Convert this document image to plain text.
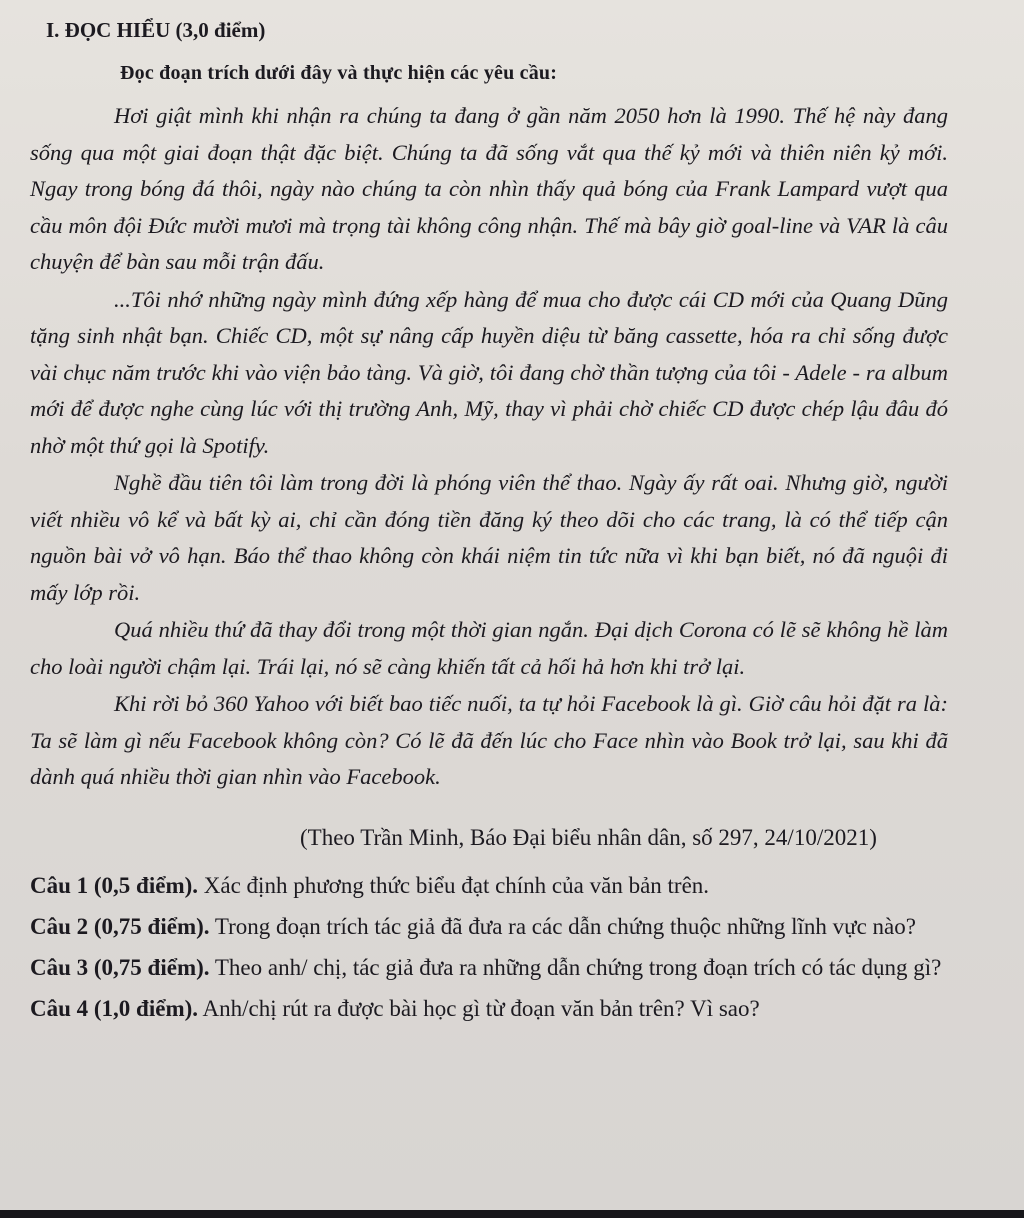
I. ĐỌC HIỂU (3,0 điểm)
Đọc đoạn trích dưới đây và thực hiện các yêu cầu:

Hơi giật mình khi nhận ra chúng ta đang ở gần năm 2050 hơn là 1990. Thế hệ này đang sống qua một giai đoạn thật đặc biệt. Chúng ta đã sống vắt qua thế kỷ mới và thiên niên kỷ mới. Ngay trong bóng đá thôi, ngày nào chúng ta còn nhìn thấy quả bóng của Frank Lampard vượt qua cầu môn đội Đức mười mươi mà trọng tài không công nhận. Thế mà bây giờ goal-line và VAR là câu chuyện để bàn sau mỗi trận đấu.

...Tôi nhớ những ngày mình đứng xếp hàng để mua cho được cái CD mới của Quang Dũng tặng sinh nhật bạn. Chiếc CD, một sự nâng cấp huyền diệu từ băng cassette, hóa ra chỉ sống được vài chục năm trước khi vào viện bảo tàng. Và giờ, tôi đang chờ thần tượng của tôi - Adele - ra album mới để được nghe cùng lúc với thị trường Anh, Mỹ, thay vì phải chờ chiếc CD được chép lậu đâu đó nhờ một thứ gọi là Spotify.

Nghề đầu tiên tôi làm trong đời là phóng viên thể thao. Ngày ấy rất oai. Nhưng giờ, người viết nhiều vô kể và bất kỳ ai, chỉ cần đóng tiền đăng ký theo dõi cho các trang, là có thể tiếp cận nguồn bài vở vô hạn. Báo thể thao không còn khái niệm tin tức nữa vì khi bạn biết, nó đã nguội đi mấy lớp rồi.

Quá nhiều thứ đã thay đổi trong một thời gian ngắn. Đại dịch Corona có lẽ sẽ không hề làm cho loài người chậm lại. Trái lại, nó sẽ càng khiến tất cả hối hả hơn khi trở lại.

Khi rời bỏ 360 Yahoo với biết bao tiếc nuối, ta tự hỏi Facebook là gì. Giờ câu hỏi đặt ra là: Ta sẽ làm gì nếu Facebook không còn? Có lẽ đã đến lúc cho Face nhìn vào Book trở lại, sau khi đã dành quá nhiều thời gian nhìn vào Facebook.

(Theo Trần Minh, Báo Đại biểu nhân dân, số 297, 24/10/2021)

Câu 1 (0,5 điểm). Xác định phương thức biểu đạt chính của văn bản trên.

Câu 2 (0,75 điểm). Trong đoạn trích tác giả đã đưa ra các dẫn chứng thuộc những lĩnh vực nào?

Câu 3 (0,75 điểm). Theo anh/ chị, tác giả đưa ra những dẫn chứng trong đoạn trích có tác dụng gì?

Câu 4 (1,0 điểm). Anh/chị rút ra được bài học gì từ đoạn văn bản trên? Vì sao?
